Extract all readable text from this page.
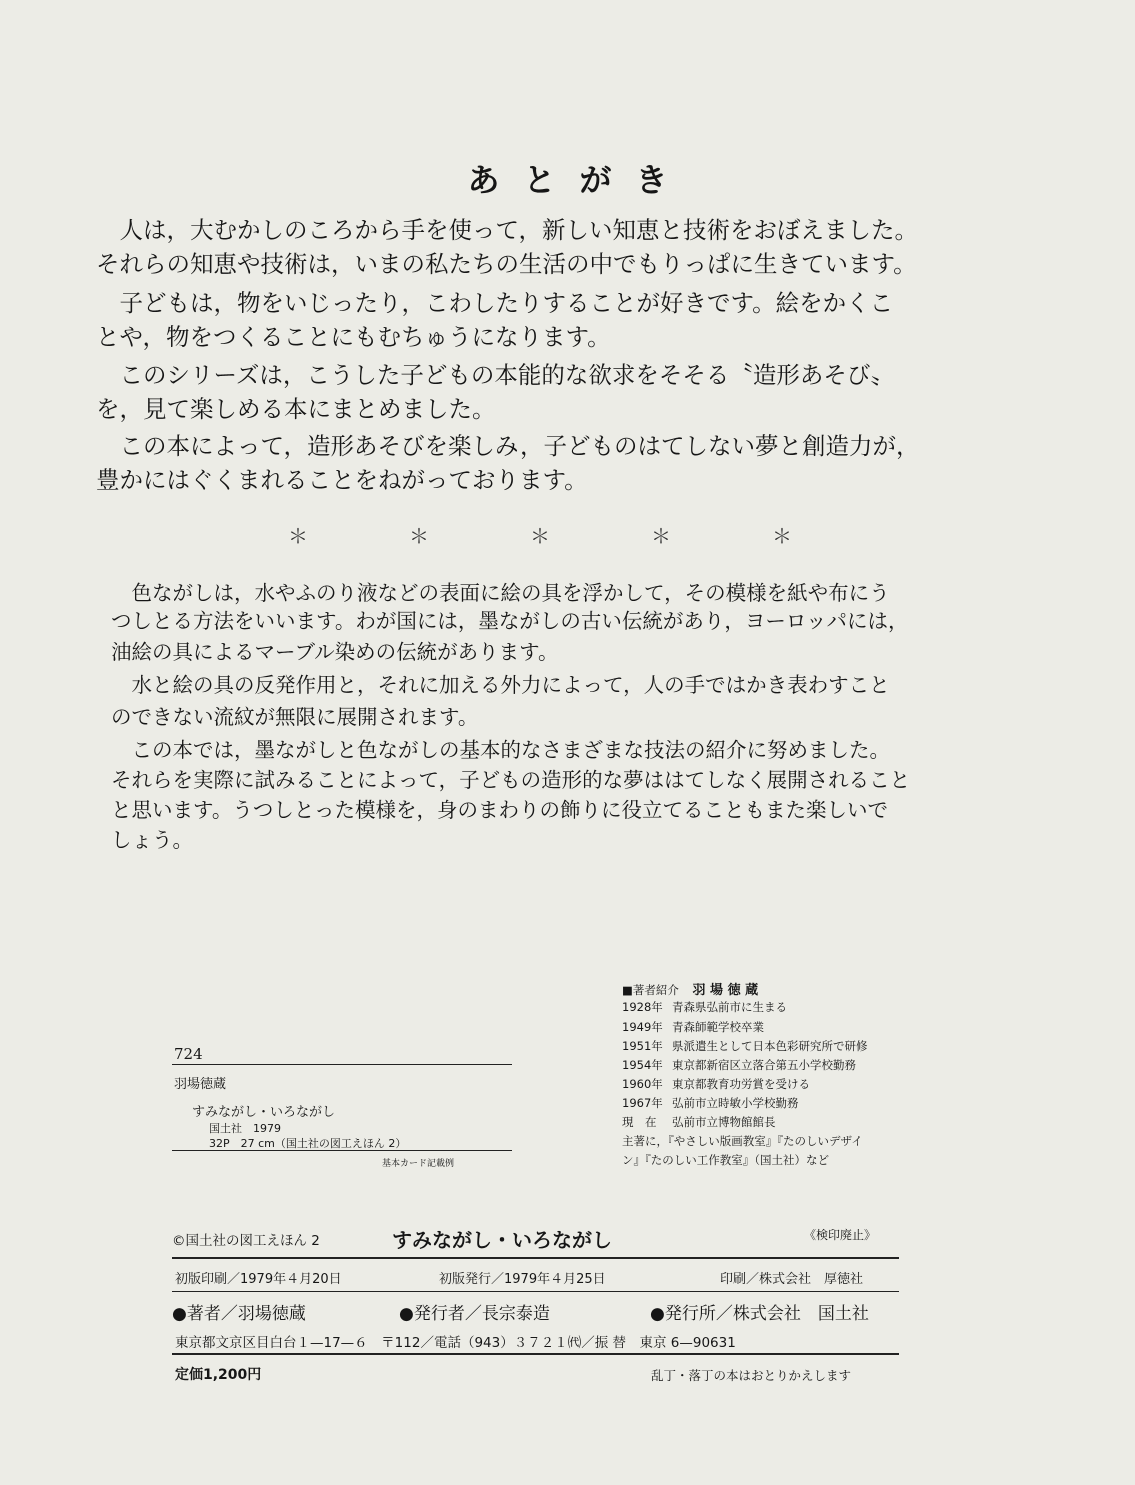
あとがき
　人は，大むかしのころから手を使って，新しい知恵と技術をおぼえました。
それらの知恵や技術は，いまの私たちの生活の中でもりっぱに生きています。
　子どもは，物をいじったり，こわしたりすることが好きです。絵をかくこ
とや，物をつくることにもむちゅうになります。
　このシリーズは，こうした子どもの本能的な欲求をそそる〝造形あそび〟
を，見て楽しめる本にまとめました。
　この本によって，造形あそびを楽しみ，子どものはてしない夢と創造力が，
豊かにはぐくまれることをねがっております。
＊	＊	＊	＊	＊
　色ながしは，水やふのり液などの表面に絵の具を浮かして，その模様を紙や布にう
つしとる方法をいいます。わが国には，墨ながしの古い伝統があり，ヨーロッパには，
油絵の具によるマーブル染めの伝統があります。
　水と絵の具の反発作用と，それに加える外力によって，人の手ではかき表わすこと
のできない流紋が無限に展開されます。
　この本では，墨ながしと色ながしの基本的なさまざまな技法の紹介に努めました。
それらを実際に試みることによって，子どもの造形的な夢ははてしなく展開されること
と思います。うつしとった模様を，身のまわりの飾りに役立てることもまた楽しいで
しょう。
724
羽場徳蔵
すみながし・いろながし
国土社　1979
32P　27 cm（国土社の図工えほん 2）
基本カード記載例
■著者紹介 羽 場 徳 蔵
1928年 青森県弘前市に生まる
1949年 青森師範学校卒業
1951年 県派遣生として日本色彩研究所で研修
1954年 東京都新宿区立落合第五小学校勤務
1960年 東京都教育功労賞を受ける
1967年 弘前市立時敏小学校勤務
現　在 弘前市立博物館館長
主著に，『やさしい版画教室』『たのしいデザイ
ン』『たのしい工作教室』（国土社）など
©国土社の図工えほん 2	すみながし・いろながし	《検印廃止》
初版印刷／1979年４月20日	初版発行／1979年４月25日	印刷／株式会社　厚徳社
●著者／羽場徳蔵	●発行者／長宗泰造	●発行所／株式会社　国土社
東京都文京区目白台１—17—６　〒112／電話（943）３７２１㈹／振 替　東京 6—90631
定価1,200円	乱丁・落丁の本はおとりかえします
